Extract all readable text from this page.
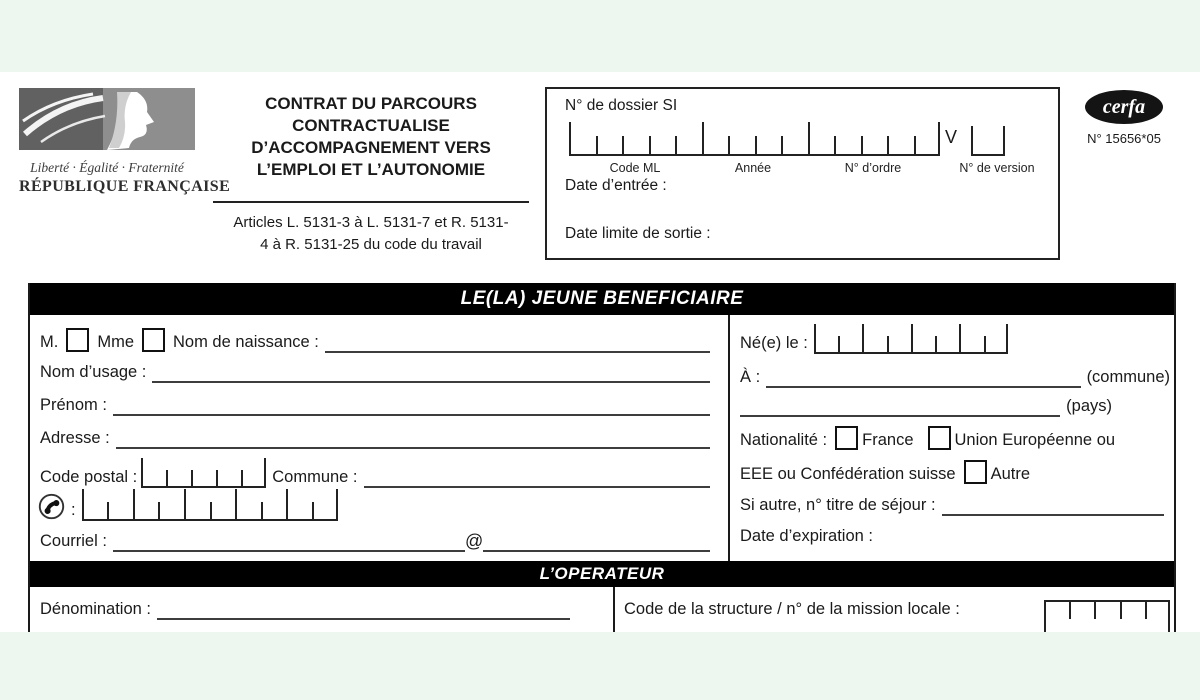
Liberté · Égalité · Fraternité
RÉPUBLIQUE FRANÇAISE
CONTRAT DU PARCOURS
CONTRACTUALISE
D’ACCOMPAGNEMENT VERS
L’EMPLOI ET L’AUTONOMIE
Articles L. 5131-3 à L. 5131-7 et R. 5131-
4 à R. 5131-25 du code du travail
N° de dossier SI
V
Code ML	Année	N° d’ordre	N° de version
Date d’entrée :
Date limite de sortie :
cerfa
N° 15656*05
LE(LA) JEUNE BENEFICIAIRE
M. Mme Nom de naissance :
Nom d’usage :
Prénom :
Adresse :
Code postal :	Commune :
:
Courriel :	@
Né(e) le :
À :	(commune)
(pays)
Nationalité : France Union Européenne ou
EEE ou Confédération suisse Autre
Si autre, n° titre de séjour :
Date d’expiration :
L’OPERATEUR
Dénomination :	Code de la structure / n° de la mission locale :
